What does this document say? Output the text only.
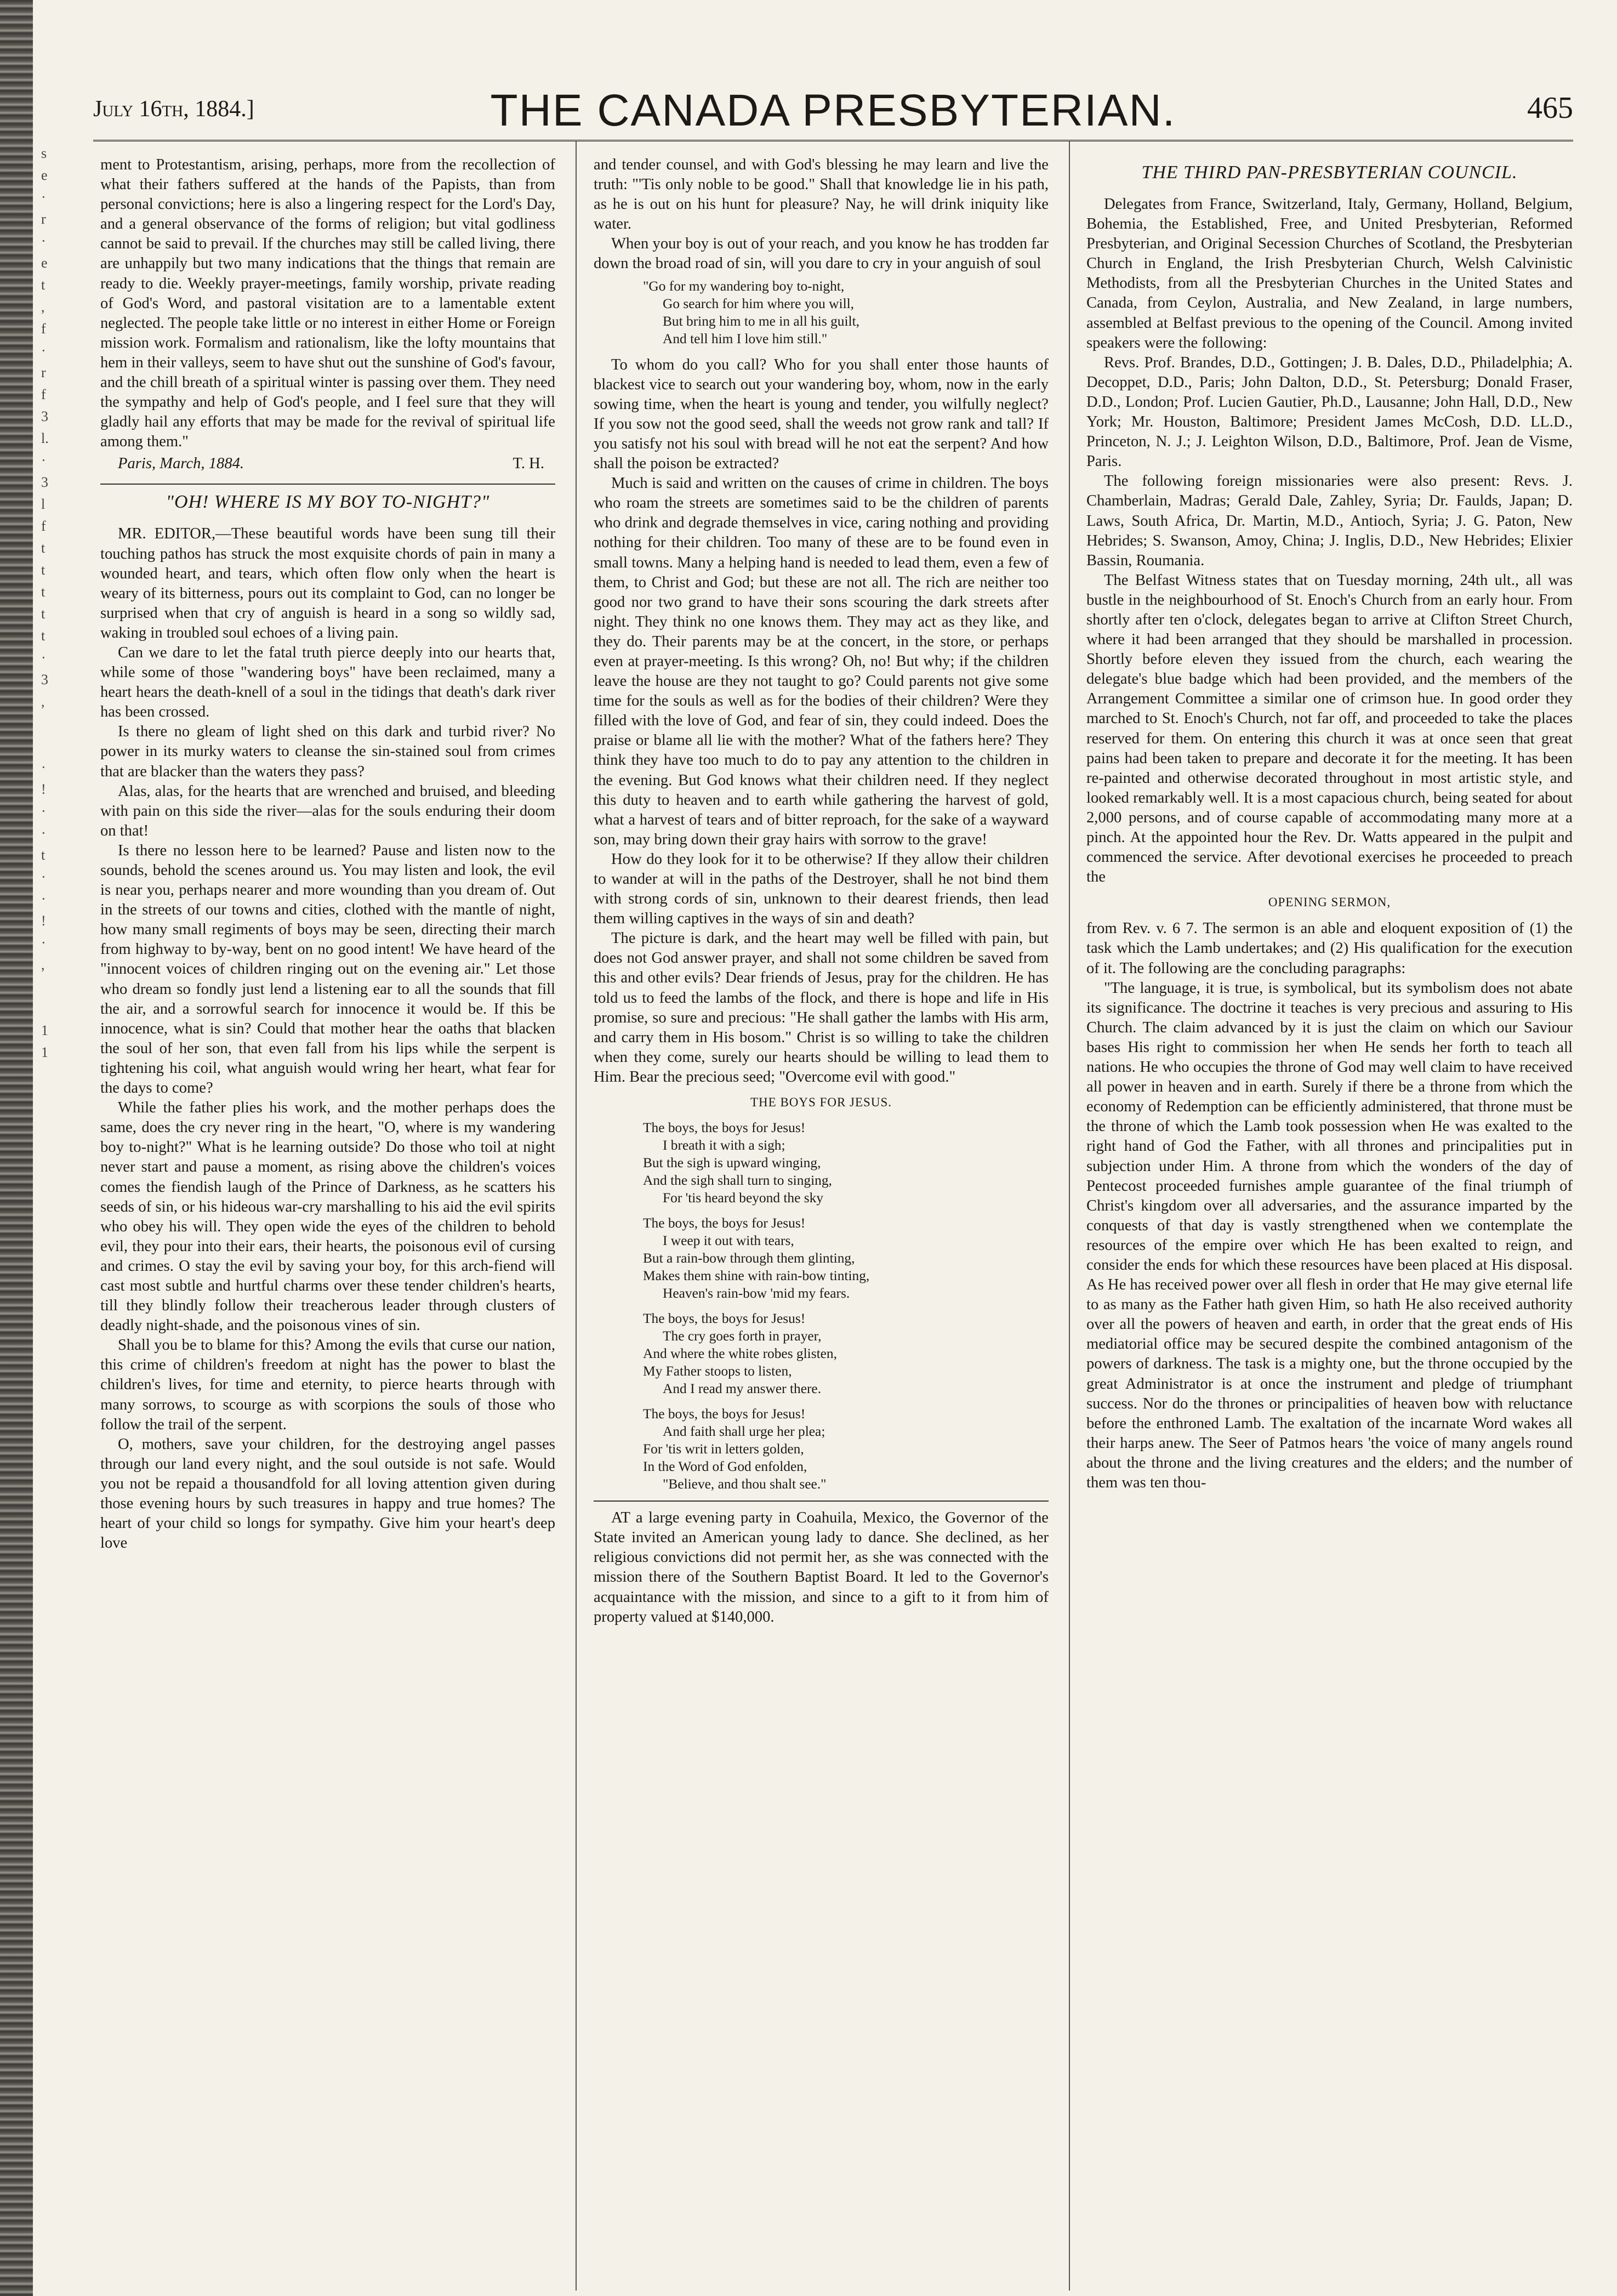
s
e
·
r
·
e
t
,
f
·
r
f
3
l.
·
3
l
f
t
t
t
t
t
·
3
,

·
!
·
·
t
·
·
!
·
,

1
1
July 16th, 1884.]	THE CANADA PRESBYTERIAN.	465

ment to Protestantism, arising, perhaps, more from the recollection of what their fathers suffered at the hands of the Papists, than from personal convictions; here is also a lingering respect for the Lord's Day, and a general observance of the forms of religion; but vital godliness cannot be said to prevail. If the churches may still be called living, there are unhappily but two many indications that the things that remain are ready to die. Weekly prayer-meetings, family worship, private reading of God's Word, and pastoral visitation are to a lamentable extent neglected. The people take little or no interest in either Home or Foreign mission work. Formalism and rationalism, like the lofty mountains that hem in their valleys, seem to have shut out the sunshine of God's favour, and the chill breath of a spiritual winter is passing over them. They need the sympathy and help of God's people, and I feel sure that they will gladly hail any efforts that may be made for the revival of spiritual life among them."

Paris, March, 1884.	T. H.
"OH! WHERE IS MY BOY TO-NIGHT?"

MR. EDITOR,—These beautiful words have been sung till their touching pathos has struck the most exquisite chords of pain in many a wounded heart, and tears, which often flow only when the heart is weary of its bitterness, pours out its complaint to God, can no longer be surprised when that cry of anguish is heard in a song so wildly sad, waking in troubled soul echoes of a living pain.

Can we dare to let the fatal truth pierce deeply into our hearts that, while some of those "wandering boys" have been reclaimed, many a heart hears the death-knell of a soul in the tidings that death's dark river has been crossed.

Is there no gleam of light shed on this dark and turbid river? No power in its murky waters to cleanse the sin-stained soul from crimes that are blacker than the waters they pass?

Alas, alas, for the hearts that are wrenched and bruised, and bleeding with pain on this side the river—alas for the souls enduring their doom on that!

Is there no lesson here to be learned? Pause and listen now to the sounds, behold the scenes around us. You may listen and look, the evil is near you, perhaps nearer and more wounding than you dream of. Out in the streets of our towns and cities, clothed with the mantle of night, how many small regiments of boys may be seen, directing their march from highway to by-way, bent on no good intent! We have heard of the "innocent voices of children ringing out on the evening air." Let those who dream so fondly just lend a listening ear to all the sounds that fill the air, and a sorrowful search for innocence it would be. If this be innocence, what is sin? Could that mother hear the oaths that blacken the soul of her son, that even fall from his lips while the serpent is tightening his coil, what anguish would wring her heart, what fear for the days to come?

While the father plies his work, and the mother perhaps does the same, does the cry never ring in the heart, "O, where is my wandering boy to-night?" What is he learning outside? Do those who toil at night never start and pause a moment, as rising above the children's voices comes the fiendish laugh of the Prince of Darkness, as he scatters his seeds of sin, or his hideous war-cry marshalling to his aid the evil spirits who obey his will. They open wide the eyes of the children to behold evil, they pour into their ears, their hearts, the poisonous evil of cursing and crimes. O stay the evil by saving your boy, for this arch-fiend will cast most subtle and hurtful charms over these tender children's hearts, till they blindly follow their treacherous leader through clusters of deadly night-shade, and the poisonous vines of sin.

Shall you be to blame for this? Among the evils that curse our nation, this crime of children's freedom at night has the power to blast the children's lives, for time and eternity, to pierce hearts through with many sorrows, to scourge as with scorpions the souls of those who follow the trail of the serpent.

O, mothers, save your children, for the destroying angel passes through our land every night, and the soul outside is not safe. Would you not be repaid a thousandfold for all loving attention given during those evening hours by such treasures in happy and true homes? The heart of your child so longs for sympathy. Give him your heart's deep love

and tender counsel, and with God's blessing he may learn and live the truth: "'Tis only noble to be good." Shall that knowledge lie in his path, as he is out on his hunt for pleasure? Nay, he will drink iniquity like water.

When your boy is out of your reach, and you know he has trodden far down the broad road of sin, will you dare to cry in your anguish of soul

"Go for my wandering boy to-night,
Go search for him where you will,
But bring him to me in all his guilt,
And tell him I love him still."

To whom do you call? Who for you shall enter those haunts of blackest vice to search out your wandering boy, whom, now in the early sowing time, when the heart is young and tender, you wilfully neglect? If you sow not the good seed, shall the weeds not grow rank and tall? If you satisfy not his soul with bread will he not eat the serpent? And how shall the poison be extracted?

Much is said and written on the causes of crime in children. The boys who roam the streets are sometimes said to be the children of parents who drink and degrade themselves in vice, caring nothing and providing nothing for their children. Too many of these are to be found even in small towns. Many a helping hand is needed to lead them, even a few of them, to Christ and God; but these are not all. The rich are neither too good nor two grand to have their sons scouring the dark streets after night. They think no one knows them. They may act as they like, and they do. Their parents may be at the concert, in the store, or perhaps even at prayer-meeting. Is this wrong? Oh, no! But why; if the children leave the house are they not taught to go? Could parents not give some time for the souls as well as for the bodies of their children? Were they filled with the love of God, and fear of sin, they could indeed. Does the praise or blame all lie with the mother? What of the fathers here? They think they have too much to do to pay any attention to the children in the evening. But God knows what their children need. If they neglect this duty to heaven and to earth while gathering the harvest of gold, what a harvest of tears and of bitter reproach, for the sake of a wayward son, may bring down their gray hairs with sorrow to the grave!

How do they look for it to be otherwise? If they allow their children to wander at will in the paths of the Destroyer, shall he not bind them with strong cords of sin, unknown to their dearest friends, then lead them willing captives in the ways of sin and death?

The picture is dark, and the heart may well be filled with pain, but does not God answer prayer, and shall not some children be saved from this and other evils? Dear friends of Jesus, pray for the children. He has told us to feed the lambs of the flock, and there is hope and life in His promise, so sure and precious: "He shall gather the lambs with His arm, and carry them in His bosom." Christ is so willing to take the children when they come, surely our hearts should be willing to lead them to Him. Bear the precious seed; "Overcome evil with good."

THE BOYS FOR JESUS.
The boys, the boys for Jesus!
I breath it with a sigh;
But the sigh is upward winging,
And the sigh shall turn to singing,
For 'tis heard beyond the sky
The boys, the boys for Jesus!
I weep it out with tears,
But a rain-bow through them glinting,
Makes them shine with rain-bow tinting,
Heaven's rain-bow 'mid my fears.
The boys, the boys for Jesus!
The cry goes forth in prayer,
And where the white robes glisten,
My Father stoops to listen,
And I read my answer there.
The boys, the boys for Jesus!
And faith shall urge her plea;
For 'tis writ in letters golden,
In the Word of God enfolden,
"Believe, and thou shalt see."

AT a large evening party in Coahuila, Mexico, the Governor of the State invited an American young lady to dance. She declined, as her religious convictions did not permit her, as she was connected with the mission there of the Southern Baptist Board. It led to the Governor's acquaintance with the mission, and since to a gift to it from him of property valued at $140,000.

THE THIRD PAN-PRESBYTERIAN COUNCIL.

Delegates from France, Switzerland, Italy, Germany, Holland, Belgium, Bohemia, the Established, Free, and United Presbyterian, Reformed Presbyterian, and Original Secession Churches of Scotland, the Presbyterian Church in England, the Irish Presbyterian Church, Welsh Calvinistic Methodists, from all the Presbyterian Churches in the United States and Canada, from Ceylon, Australia, and New Zealand, in large numbers, assembled at Belfast previous to the opening of the Council. Among invited speakers were the following:

Revs. Prof. Brandes, D.D., Gottingen; J. B. Dales, D.D., Philadelphia; A. Decoppet, D.D., Paris; John Dalton, D.D., St. Petersburg; Donald Fraser, D.D., London; Prof. Lucien Gautier, Ph.D., Lausanne; John Hall, D.D., New York; Mr. Houston, Baltimore; President James McCosh, D.D. LL.D., Princeton, N. J.; J. Leighton Wilson, D.D., Baltimore, Prof. Jean de Visme, Paris.

The following foreign missionaries were also present: Revs. J. Chamberlain, Madras; Gerald Dale, Zahley, Syria; Dr. Faulds, Japan; D. Laws, South Africa, Dr. Martin, M.D., Antioch, Syria; J. G. Paton, New Hebrides; S. Swanson, Amoy, China; J. Inglis, D.D., New Hebrides; Elixier Bassin, Roumania.

The Belfast Witness states that on Tuesday morning, 24th ult., all was bustle in the neighbourhood of St. Enoch's Church from an early hour. From shortly after ten o'clock, delegates began to arrive at Clifton Street Church, where it had been arranged that they should be marshalled in procession. Shortly before eleven they issued from the church, each wearing the delegate's blue badge which had been provided, and the members of the Arrangement Committee a similar one of crimson hue. In good order they marched to St. Enoch's Church, not far off, and proceeded to take the places reserved for them. On entering this church it was at once seen that great pains had been taken to prepare and decorate it for the meeting. It has been re-painted and otherwise decorated throughout in most artistic style, and looked remarkably well. It is a most capacious church, being seated for about 2,000 persons, and of course capable of accommodating many more at a pinch. At the appointed hour the Rev. Dr. Watts appeared in the pulpit and commenced the service. After devotional exercises he proceeded to preach the

OPENING SERMON,

from Rev. v. 6 7. The sermon is an able and eloquent exposition of (1) the task which the Lamb undertakes; and (2) His qualification for the execution of it. The following are the concluding paragraphs:

"The language, it is true, is symbolical, but its symbolism does not abate its significance. The doctrine it teaches is very precious and assuring to His Church. The claim advanced by it is just the claim on which our Saviour bases His right to commission her when He sends her forth to teach all nations. He who occupies the throne of God may well claim to have received all power in heaven and in earth. Surely if there be a throne from which the economy of Redemption can be efficiently administered, that throne must be the throne of which the Lamb took possession when He was exalted to the right hand of God the Father, with all thrones and principalities put in subjection under Him. A throne from which the wonders of the day of Pentecost proceeded furnishes ample guarantee of the final triumph of Christ's kingdom over all adversaries, and the assurance imparted by the conquests of that day is vastly strengthened when we contemplate the resources of the empire over which He has been exalted to reign, and consider the ends for which these resources have been placed at His disposal. As He has received power over all flesh in order that He may give eternal life to as many as the Father hath given Him, so hath He also received authority over all the powers of heaven and earth, in order that the great ends of His mediatorial office may be secured despite the combined antagonism of the powers of darkness. The task is a mighty one, but the throne occupied by the great Administrator is at once the instrument and pledge of triumphant success. Nor do the thrones or principalities of heaven bow with reluctance before the enthroned Lamb. The exaltation of the incarnate Word wakes all their harps anew. The Seer of Patmos hears 'the voice of many angels round about the throne and the living creatures and the elders; and the number of them was ten thou-
